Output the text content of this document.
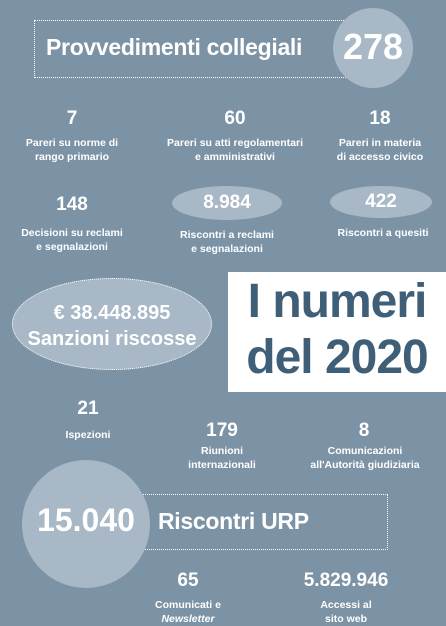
Provvedimenti collegiali 278
7
Pareri su norme di
rango primario
60
Pareri su atti regolamentari
e amministrativi
18
Pareri in materia
di accesso civico
148
Decisioni su reclami
e segnalazioni
8.984
Riscontri a reclami
e segnalazioni
422
Riscontri a quesiti
€ 38.448.895
Sanzioni riscosse
I numeri
del 2020
21
Ispezioni	179
Riunioni
internazionali
8
Comunicazioni
all'Autorità giudiziaria
Riscontri URP
15.040
65
Comunicati e
Newsletter
5.829.946
Accessi al
sito web
